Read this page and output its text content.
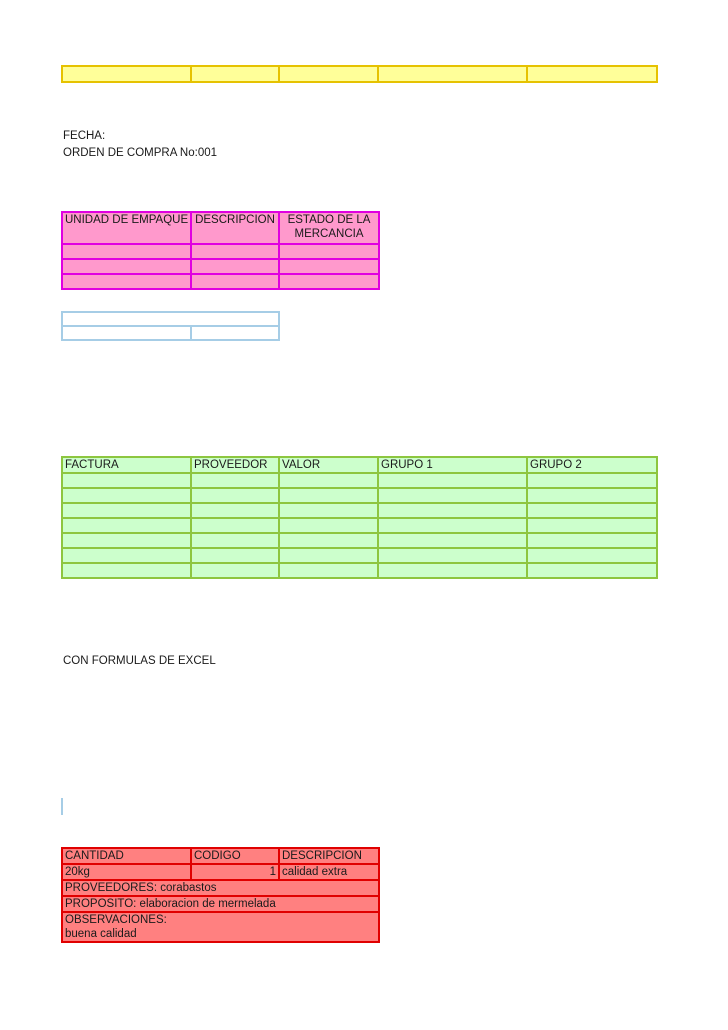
FECHA:
ORDEN DE COMPRA No:001
UNIDAD DE EMPAQUE	DESCRIPCION	ESTADO DE LA MERCANCIA

FACTURA	PROVEEDOR	VALOR	GRUPO 1	GRUPO 2

CON FORMULAS DE EXCEL
CANTIDAD	CODIGO	DESCRIPCION
20kg	1	calidad extra
PROVEEDORES: corabastos		
PROPOSITO: elaboracion de mermelada		

OBSERVACIONES:
buena calidad		
